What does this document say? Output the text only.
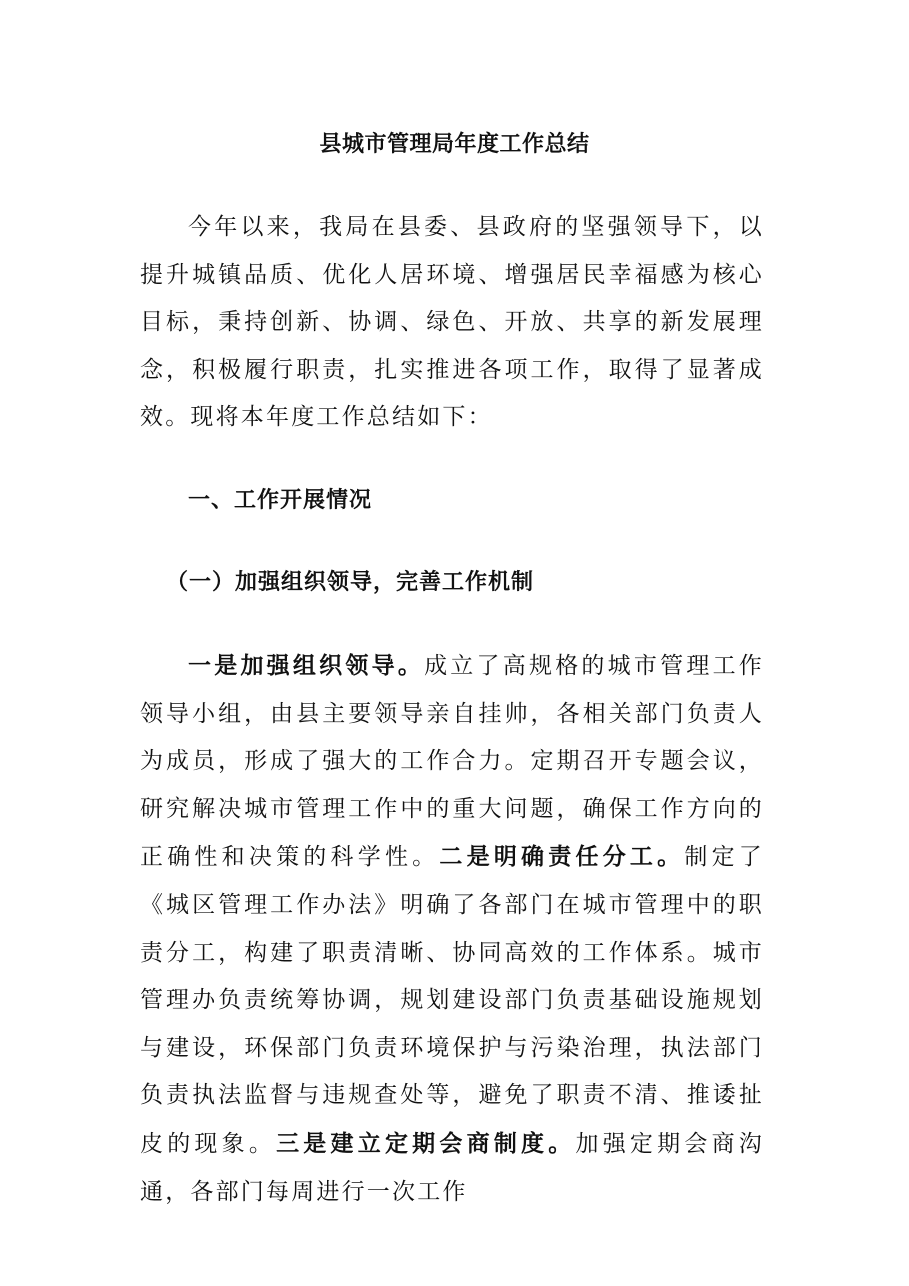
县城市管理局年度工作总结

今年以来，我局在县委、县政府的坚强领导下，以提升城镇品质、优化人居环境、增强居民幸福感为核心目标，秉持创新、协调、绿色、开放、共享的新发展理念，积极履行职责，扎实推进各项工作，取得了显著成效。现将本年度工作总结如下：

一、工作开展情况
（一）加强组织领导，完善工作机制

一是加强组织领导。成立了高规格的城市管理工作领导小组，由县主要领导亲自挂帅，各相关部门负责人为成员，形成了强大的工作合力。定期召开专题会议，研究解决城市管理工作中的重大问题，确保工作方向的正确性和决策的科学性。二是明确责任分工。制定了《城区管理工作办法》明确了各部门在城市管理中的职责分工，构建了职责清晰、协同高效的工作体系。城市管理办负责统筹协调，规划建设部门负责基础设施规划与建设，环保部门负责环境保护与污染治理，执法部门负责执法监督与违规查处等，避免了职责不清、推诿扯皮的现象。三是建立定期会商制度。加强定期会商沟通，各部门每周进行一次工作
